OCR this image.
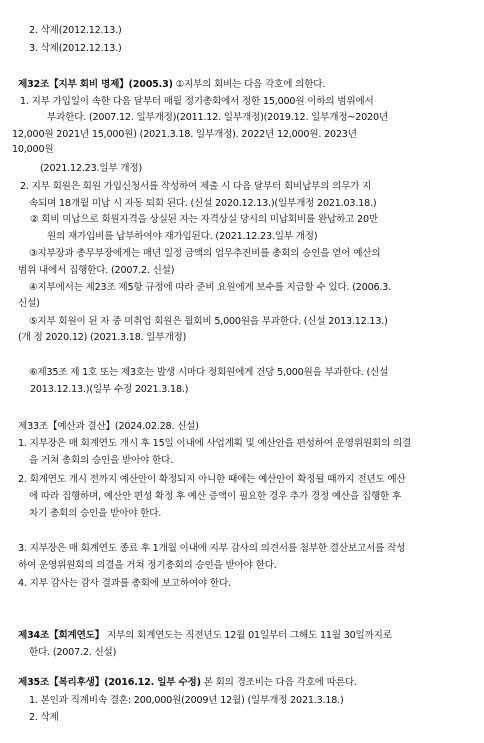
2. 삭제(2012.12.13.)
3. 삭제(2012.12.13.)
제32조【지부 회비 명제】(2005.3) ①지부의 회비는 다음 각호에 의한다.
1. 지부 가입일이 속한 다음 달부터 매월 정기총회에서 정한 15,000원 이하의 범위에서
부과한다. (2007.12. 일부개정)(2011.12. 일부개정)(2019.12. 일부개정~2020년
12,000원 2021년 15,000원) (2021.3.18. 일부개정). 2022년 12,000원. 2023년
10,000원
(2021.12.23.일부 개정)
2. 지부 회원은 회원 가입신청서를 작성하여 제출 시 다음 달부터 회비납부의 의무가 지
속되며 18개월 미납 시 자동 퇴회 된다. (신설 2020.12.13.)(일부개정 2021.03.18.)
② 회비 미납으로 회원자격을 상실된 자는 자격상실 당시의 미납회비를 완납하고 20만
원의 재가입비를 납부하여야 재가입된다. (2021.12.23.일부 개정)
③지부장과 총무부장에게는 매년 일정 금액의 업무추진비를 총회의 승인을 얻어 예산의
범위 내에서 집행한다. (2007.2. 신설)
④지부에서는 제23조 제5항 규정에 따라 준비 요원에게 보수를 지급할 수 있다. (2006.3.
신설)
⑤지부 회원이 된 자 중 미취업 회원은 월회비 5,000원을 부과한다. (신설 2013.12.13.)
(개 정 2020.12) (2021.3.18. 일부개정)
⑥제35조 제 1호 또는 제3호는 발생 시마다 정회원에게 건당 5,000원을 부과한다. (신설
2013.12.13.)(일부 수정 2021.3.18.)
제33조【예산과 결산】(2024.02.28. 신설)
1. 지부장은 매 회계연도 개시 후 15일 이내에 사업계획 및 예산안을 편성하여 운영위원회의 의결
을 거쳐 총회의 승인을 받아야 한다.
2. 회계연도 개시 전까지 예산안이 확정되지 아니한 때에는 예산안이 확정될 때까지 전년도 예산
에 따라 집행하며, 예산안 편성 확정 후 예산 증액이 필요한 경우 추가 경정 예산을 집행한 후
차기 총회의 승인을 받아야 한다.
3. 지부장은 매 회계연도 종료 후 1개월 이내에 지부 감사의 의견서를 첨부한 결산보고서를 작성
하여 운영위원회의 의결을 거쳐 정기총회의 승인을 받아야 한다.
4. 지부 감사는 감사 결과를 총회에 보고하여야 한다.
제34조【회계연도】 지부의 회계연도는 직전년도 12월 01일부터 그해도 11월 30일까지로
한다. (2007.2. 신설)
제35조【복리후생】(2016.12. 일부 수정) 본 회의 경조비는 다음 각호에 따른다.
1. 본인과 직계비속 결혼: 200,000원(2009년 12월) (일부개정 2021.3.18.)
2. 삭제
